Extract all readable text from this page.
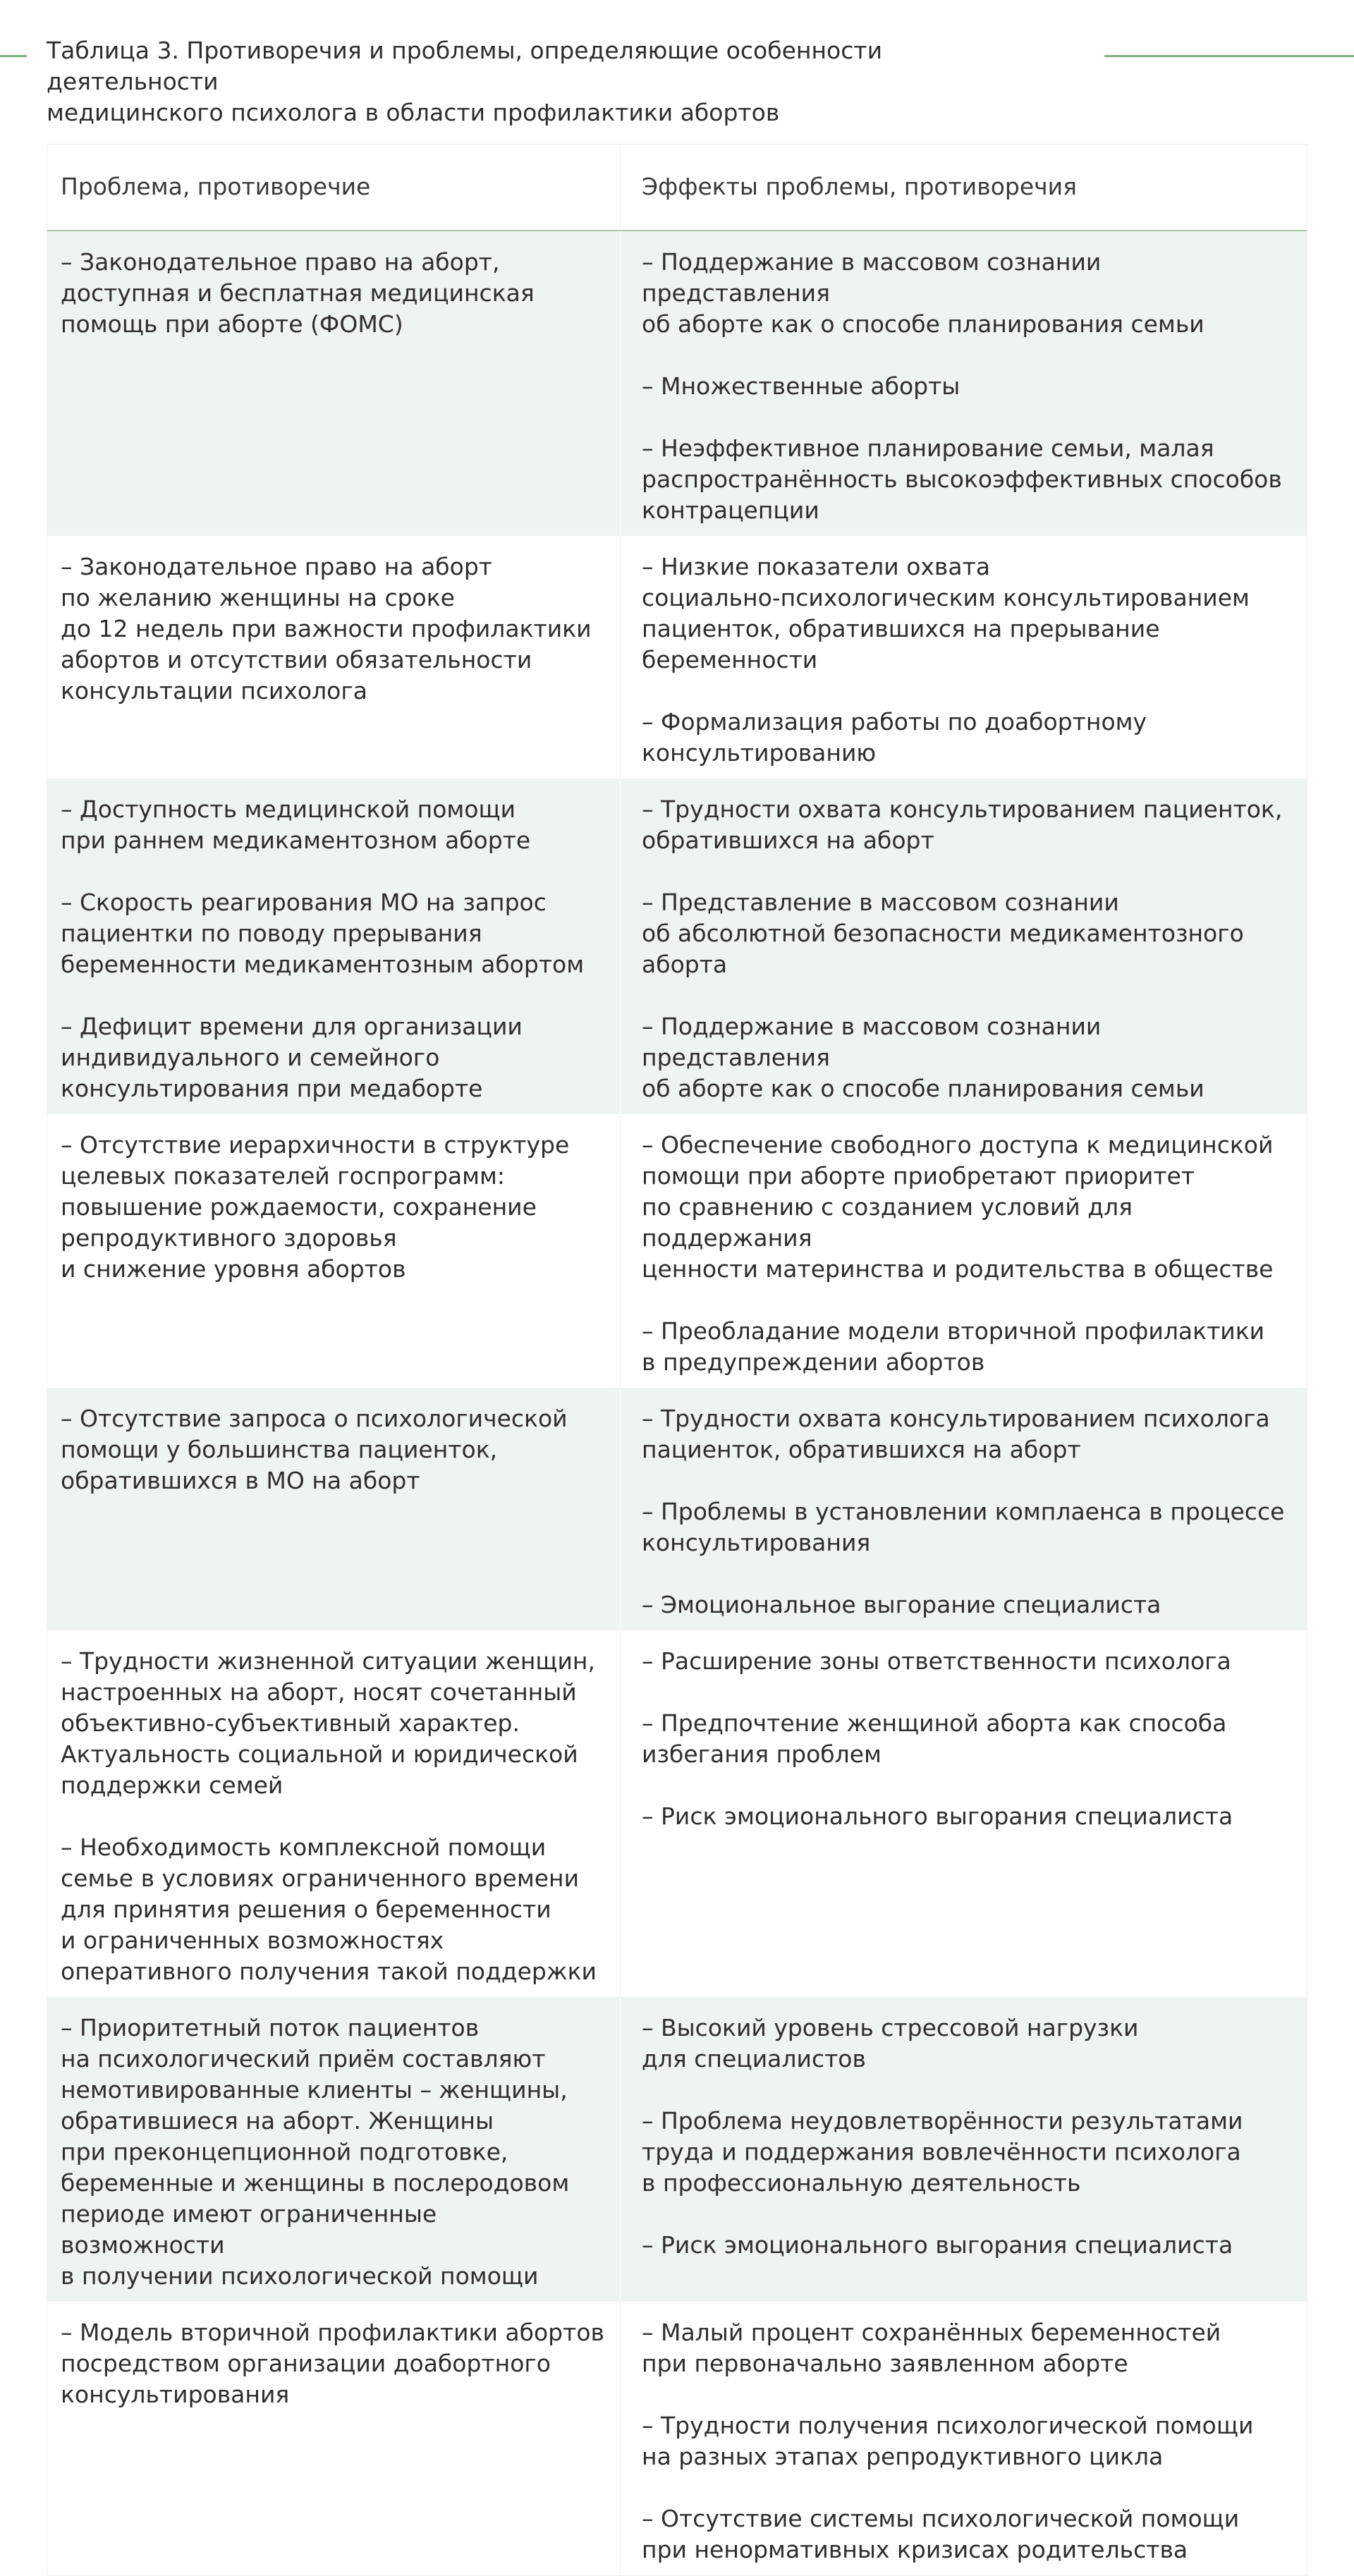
Таблица 3. Противоречия и проблемы, определяющие особенности деятельности
медицинского психолога в области профилактики абортов
Проблема, противоречие	Эффекты проблемы, противоречия

– Законодательное право на аборт,
доступная и бесплатная медицинская
помощь при аборте (ФОМС)

– Поддержание в массовом сознании представления
об аборте как о способе планирования семьи

– Множественные аборты

– Неэффективное планирование семьи, малая
распространённость высокоэффективных способов
контрацепции

– Законодательное право на аборт
по желанию женщины на сроке
до 12 недель при важности профилактики
абортов и отсутствии обязательности
консультации психолога

– Низкие показатели охвата
социально-психологическим консультированием
пациенток, обратившихся на прерывание
беременности

– Формализация работы по доабортному
консультированию

– Доступность медицинской помощи
при раннем медикаментозном аборте

– Скорость реагирования МО на запрос
пациентки по поводу прерывания
беременности медикаментозным абортом

– Дефицит времени для организации
индивидуального и семейного
консультирования при медаборте

– Трудности охвата консультированием пациенток,
обратившихся на аборт

– Представление в массовом сознании
об абсолютной безопасности медикаментозного
аборта

– Поддержание в массовом сознании представления
об аборте как о способе планирования семьи

– Отсутствие иерархичности в структуре
целевых показателей госпрограмм:
повышение рождаемости, сохранение
репродуктивного здоровья
и снижение уровня абортов

– Обеспечение свободного доступа к медицинской
помощи при аборте приобретают приоритет
по сравнению с созданием условий для поддержания
ценности материнства и родительства в обществе

– Преобладание модели вторичной профилактики
в предупреждении абортов

– Отсутствие запроса о психологической
помощи у большинства пациенток,
обратившихся в МО на аборт

– Трудности охвата консультированием психолога
пациенток, обратившихся на аборт

– Проблемы в установлении комплаенса в процессе
консультирования

– Эмоциональное выгорание специалиста

– Трудности жизненной ситуации женщин,
настроенных на аборт, носят сочетанный
объективно-субъективный характер.
Актуальность социальной и юридической
поддержки семей

– Необходимость комплексной помощи
семье в условиях ограниченного времени
для принятия решения о беременности
и ограниченных возможностях
оперативного получения такой поддержки

– Расширение зоны ответственности психолога

– Предпочтение женщиной аборта как способа
избегания проблем

– Риск эмоционального выгорания специалиста

– Приоритетный поток пациентов
на психологический приём составляют
немотивированные клиенты – женщины,
обратившиеся на аборт. Женщины
при преконцепционной подготовке,
беременные и женщины в послеродовом
периоде имеют ограниченные возможности
в получении психологической помощи

– Высокий уровень стрессовой нагрузки
для специалистов

– Проблема неудовлетворённости результатами
труда и поддержания вовлечённости психолога
в профессиональную деятельность

– Риск эмоционального выгорания специалиста

– Модель вторичной профилактики абортов
посредством организации доабортного
консультирования

– Малый процент сохранённых беременностей
при первоначально заявленном аборте

– Трудности получения психологической помощи
на разных этапах репродуктивного цикла

– Отсутствие системы психологической помощи
при ненормативных кризисах родительства
